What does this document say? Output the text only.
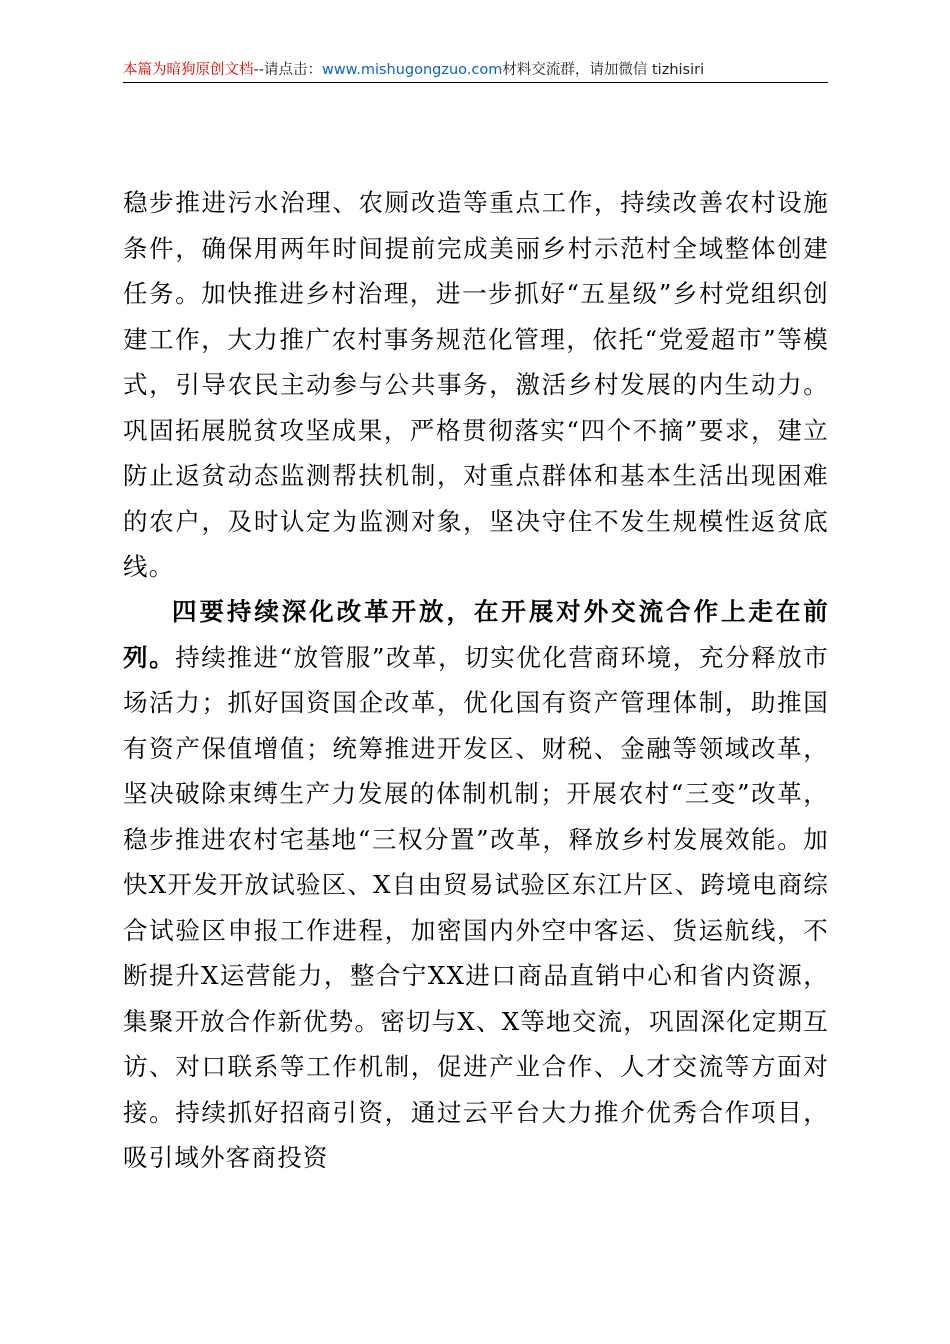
本篇为暗狗原创文档--请点击：www.mishugongzuo.com材料交流群，请加微信 tizhisiri
稳步推进污水治理、农厕改造等重点工作，持续改善农村设施条件，确保用两年时间提前完成美丽乡村示范村全域整体创建任务。加快推进乡村治理，进一步抓好“五星级”乡村党组织创建工作，大力推广农村事务规范化管理，依托“党爱超市”等模式，引导农民主动参与公共事务，激活乡村发展的内生动力。巩固拓展脱贫攻坚成果，严格贯彻落实“四个不摘”要求，建立防止返贫动态监测帮扶机制，对重点群体和基本生活出现困难的农户，及时认定为监测对象，坚决守住不发生规模性返贫底线。
四要持续深化改革开放，在开展对外交流合作上走在前列。持续推进“放管服”改革，切实优化营商环境，充分释放市场活力；抓好国资国企改革，优化国有资产管理体制，助推国有资产保值增值；统筹推进开发区、财税、金融等领域改革，坚决破除束缚生产力发展的体制机制；开展农村“三变”改革，稳步推进农村宅基地“三权分置”改革，释放乡村发展效能。加快X开发开放试验区、X自由贸易试验区东江片区、跨境电商综合试验区申报工作进程，加密国内外空中客运、货运航线，不断提升X运营能力，整合宁XX进口商品直销中心和省内资源，集聚开放合作新优势。密切与X、X等地交流，巩固深化定期互访、对口联系等工作机制，促进产业合作、人才交流等方面对接。持续抓好招商引资，通过云平台大力推介优秀合作项目，吸引域外客商投资
